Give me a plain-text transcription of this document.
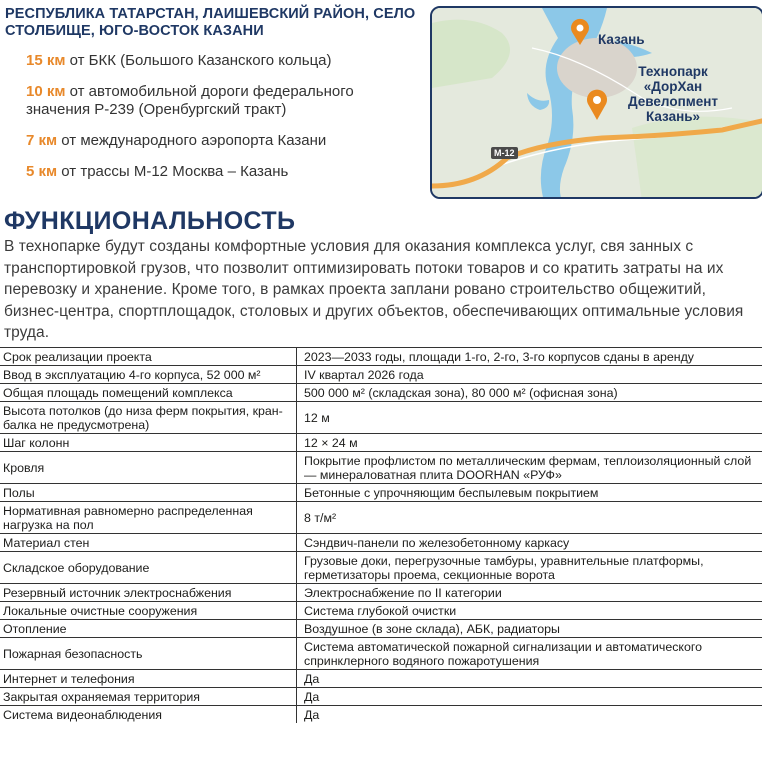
РЕСПУБЛИКА ТАТАРСТАН, ЛАИШЕВСКИЙ РАЙОН, СЕЛО СТОЛБИЩЕ, ЮГО-ВОСТОК КАЗАНИ
15 км от БКК (Большого Казанского кольца)
10 км от автомобильной дороги федерального значения Р-239 (Оренбургский тракт)
7 км от международного аэропорта Казани
5 км от трассы М-12 Москва – Казань
Казань
Технопарк «ДорХан Девелопмент Казань»
М-12
ФУНКЦИОНАЛЬНОСТЬ

В технопарке будут созданы комфортные условия для оказания комплекса услуг, свя занных с транспортировкой грузов, что позволит оптимизировать потоки товаров и со кратить затраты на их перевозку и хранение. Кроме того, в рамках проекта заплани ровано строительство общежитий, бизнес-центра, спортплощадок, столовых и других объектов, обеспечивающих оптимальные условия труда.

Срок реализации проекта	2023—2033 годы, площади 1-го, 2-го, 3-го корпусов сданы в аренду
Ввод в эксплуатацию 4-го корпуса, 52 000 м²	IV квартал 2026 года
Общая площадь помещений комплекса	500 000 м² (складская зона), 80 000 м² (офисная зона)
Высота потолков (до низа ферм покрытия, кран-балка не предусмотрена)	12 м
Шаг колонн	12 × 24 м
Кровля	Покрытие профлистом по металлическим фермам, теплоизоляционный слой — минераловатная плита DOORHAN «РУФ»
Полы	Бетонные с упрочняющим беспылевым покрытием
Нормативная равномерно распределенная нагрузка на пол	8 т/м²
Материал стен	Сэндвич-панели по железобетонному каркасу
Складское оборудование	Грузовые доки, перегрузочные тамбуры, уравнительные платформы, герметизаторы проема, секционные ворота
Резервный источник электроснабжения	Электроснабжение по II категории
Локальные очистные сооружения	Система глубокой очистки
Отопление	Воздушное (в зоне склада), АБК, радиаторы
Пожарная безопасность	Система автоматической пожарной сигнализации и автоматического спринклерного водяного пожаротушения
Интернет и телефония	Да
Закрытая охраняемая территория	Да
Система видеонаблюдения	Да
